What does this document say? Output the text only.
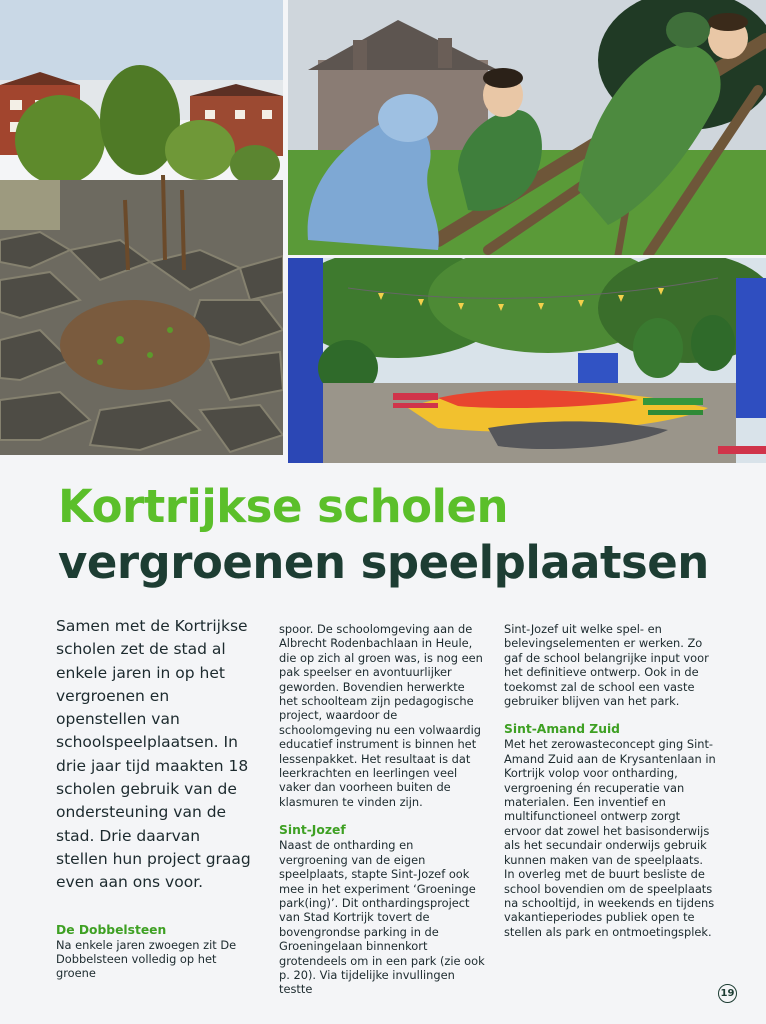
Kortrijkse scholen
vergroenen speelplaatsen

Samen met de Kortrijkse scholen zet de stad al enkele jaren in op het vergroenen en openstellen van schoolspeelplaatsen. In drie jaar tijd maakten 18 scholen gebruik van de ondersteuning van de stad. Drie daarvan stellen hun project graag even aan ons voor.

De Dobbelsteen

Na enkele jaren zwoegen zit De Dobbelsteen volledig op het groene

spoor. De schoolomgeving aan de Albrecht Rodenbachlaan in Heule, die op zich al groen was, is nog een pak speelser en avontuurlijker geworden. Bovendien herwerkte het schoolteam zijn pedagogische project, waardoor de schoolomgeving nu een volwaardig educatief instrument is binnen het lessenpakket. Het resultaat is dat leerkrachten en leerlingen veel vaker dan voorheen buiten de klasmuren te vinden zijn.

Sint-Jozef

Naast de ontharding en vergroening van de eigen speelplaats, stapte Sint-Jozef ook mee in het experiment ‘Groeninge park(ing)’. Dit onthardingsproject van Stad Kortrijk tovert de bovengrondse parking in de Groeningelaan binnenkort grotendeels om in een park (zie ook p. 20). Via tijdelijke invullingen testte

Sint-Jozef uit welke spel- en belevingselementen er werken. Zo gaf de school belangrijke input voor het definitieve ontwerp. Ook in de toekomst zal de school een vaste gebruiker blijven van het park.

Sint-Amand Zuid

Met het zerowasteconcept ging Sint-Amand Zuid aan de Krysantenlaan in Kortrijk volop voor ontharding, vergroening én recuperatie van materialen. Een inventief en multifunctioneel ontwerp zorgt ervoor dat zowel het basisonderwijs als het secundair onderwijs gebruik kunnen maken van de speelplaats. In overleg met de buurt besliste de school bovendien om de speelplaats na schooltijd, in weekends en tijdens vakantieperiodes publiek open te stellen als park en ontmoetingsplek.

19
